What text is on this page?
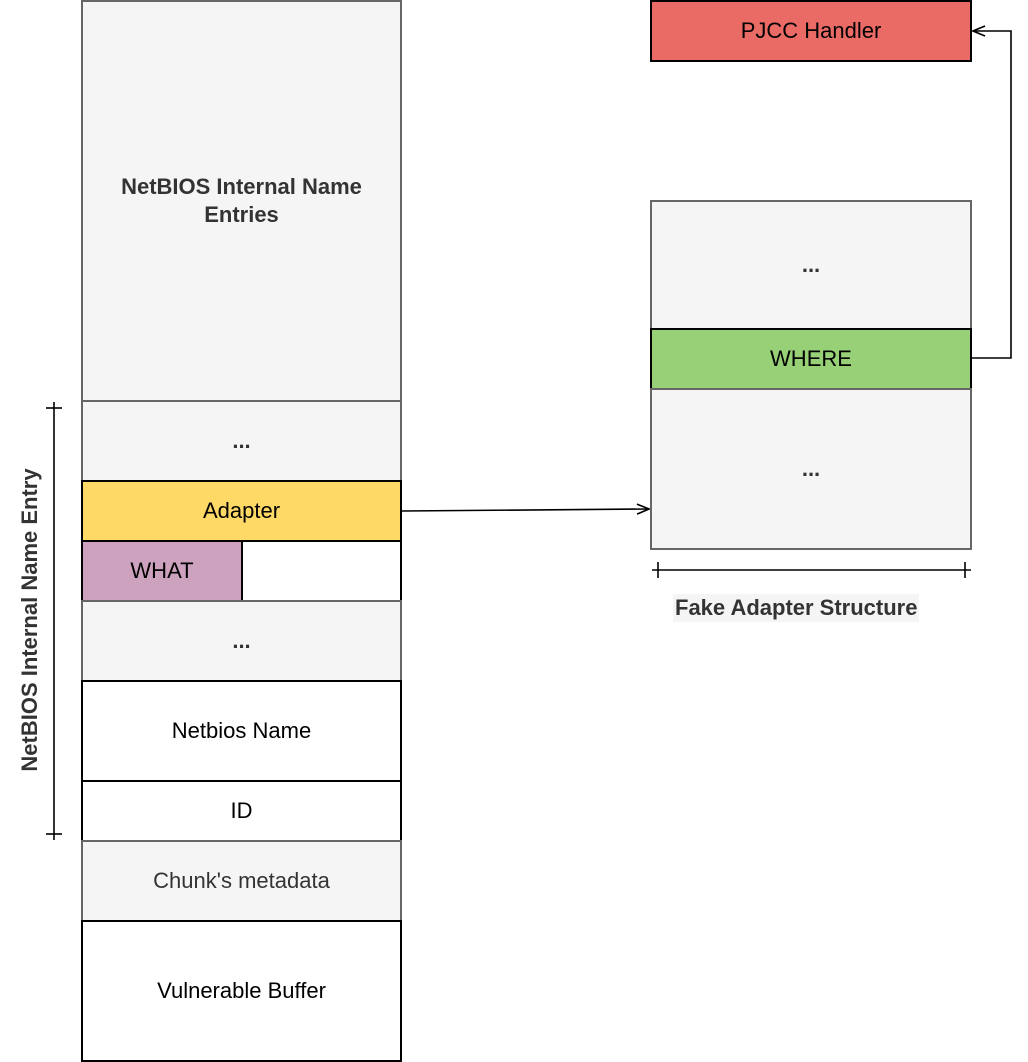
NetBIOS Internal Name Entries
...
Adapter
WHAT
...
Netbios Name
ID
Chunk's metadata
Vulnerable Buffer
...
WHERE
...
PJCC Handler
NetBIOS Internal Name Entry	Fake Adapter Structure
